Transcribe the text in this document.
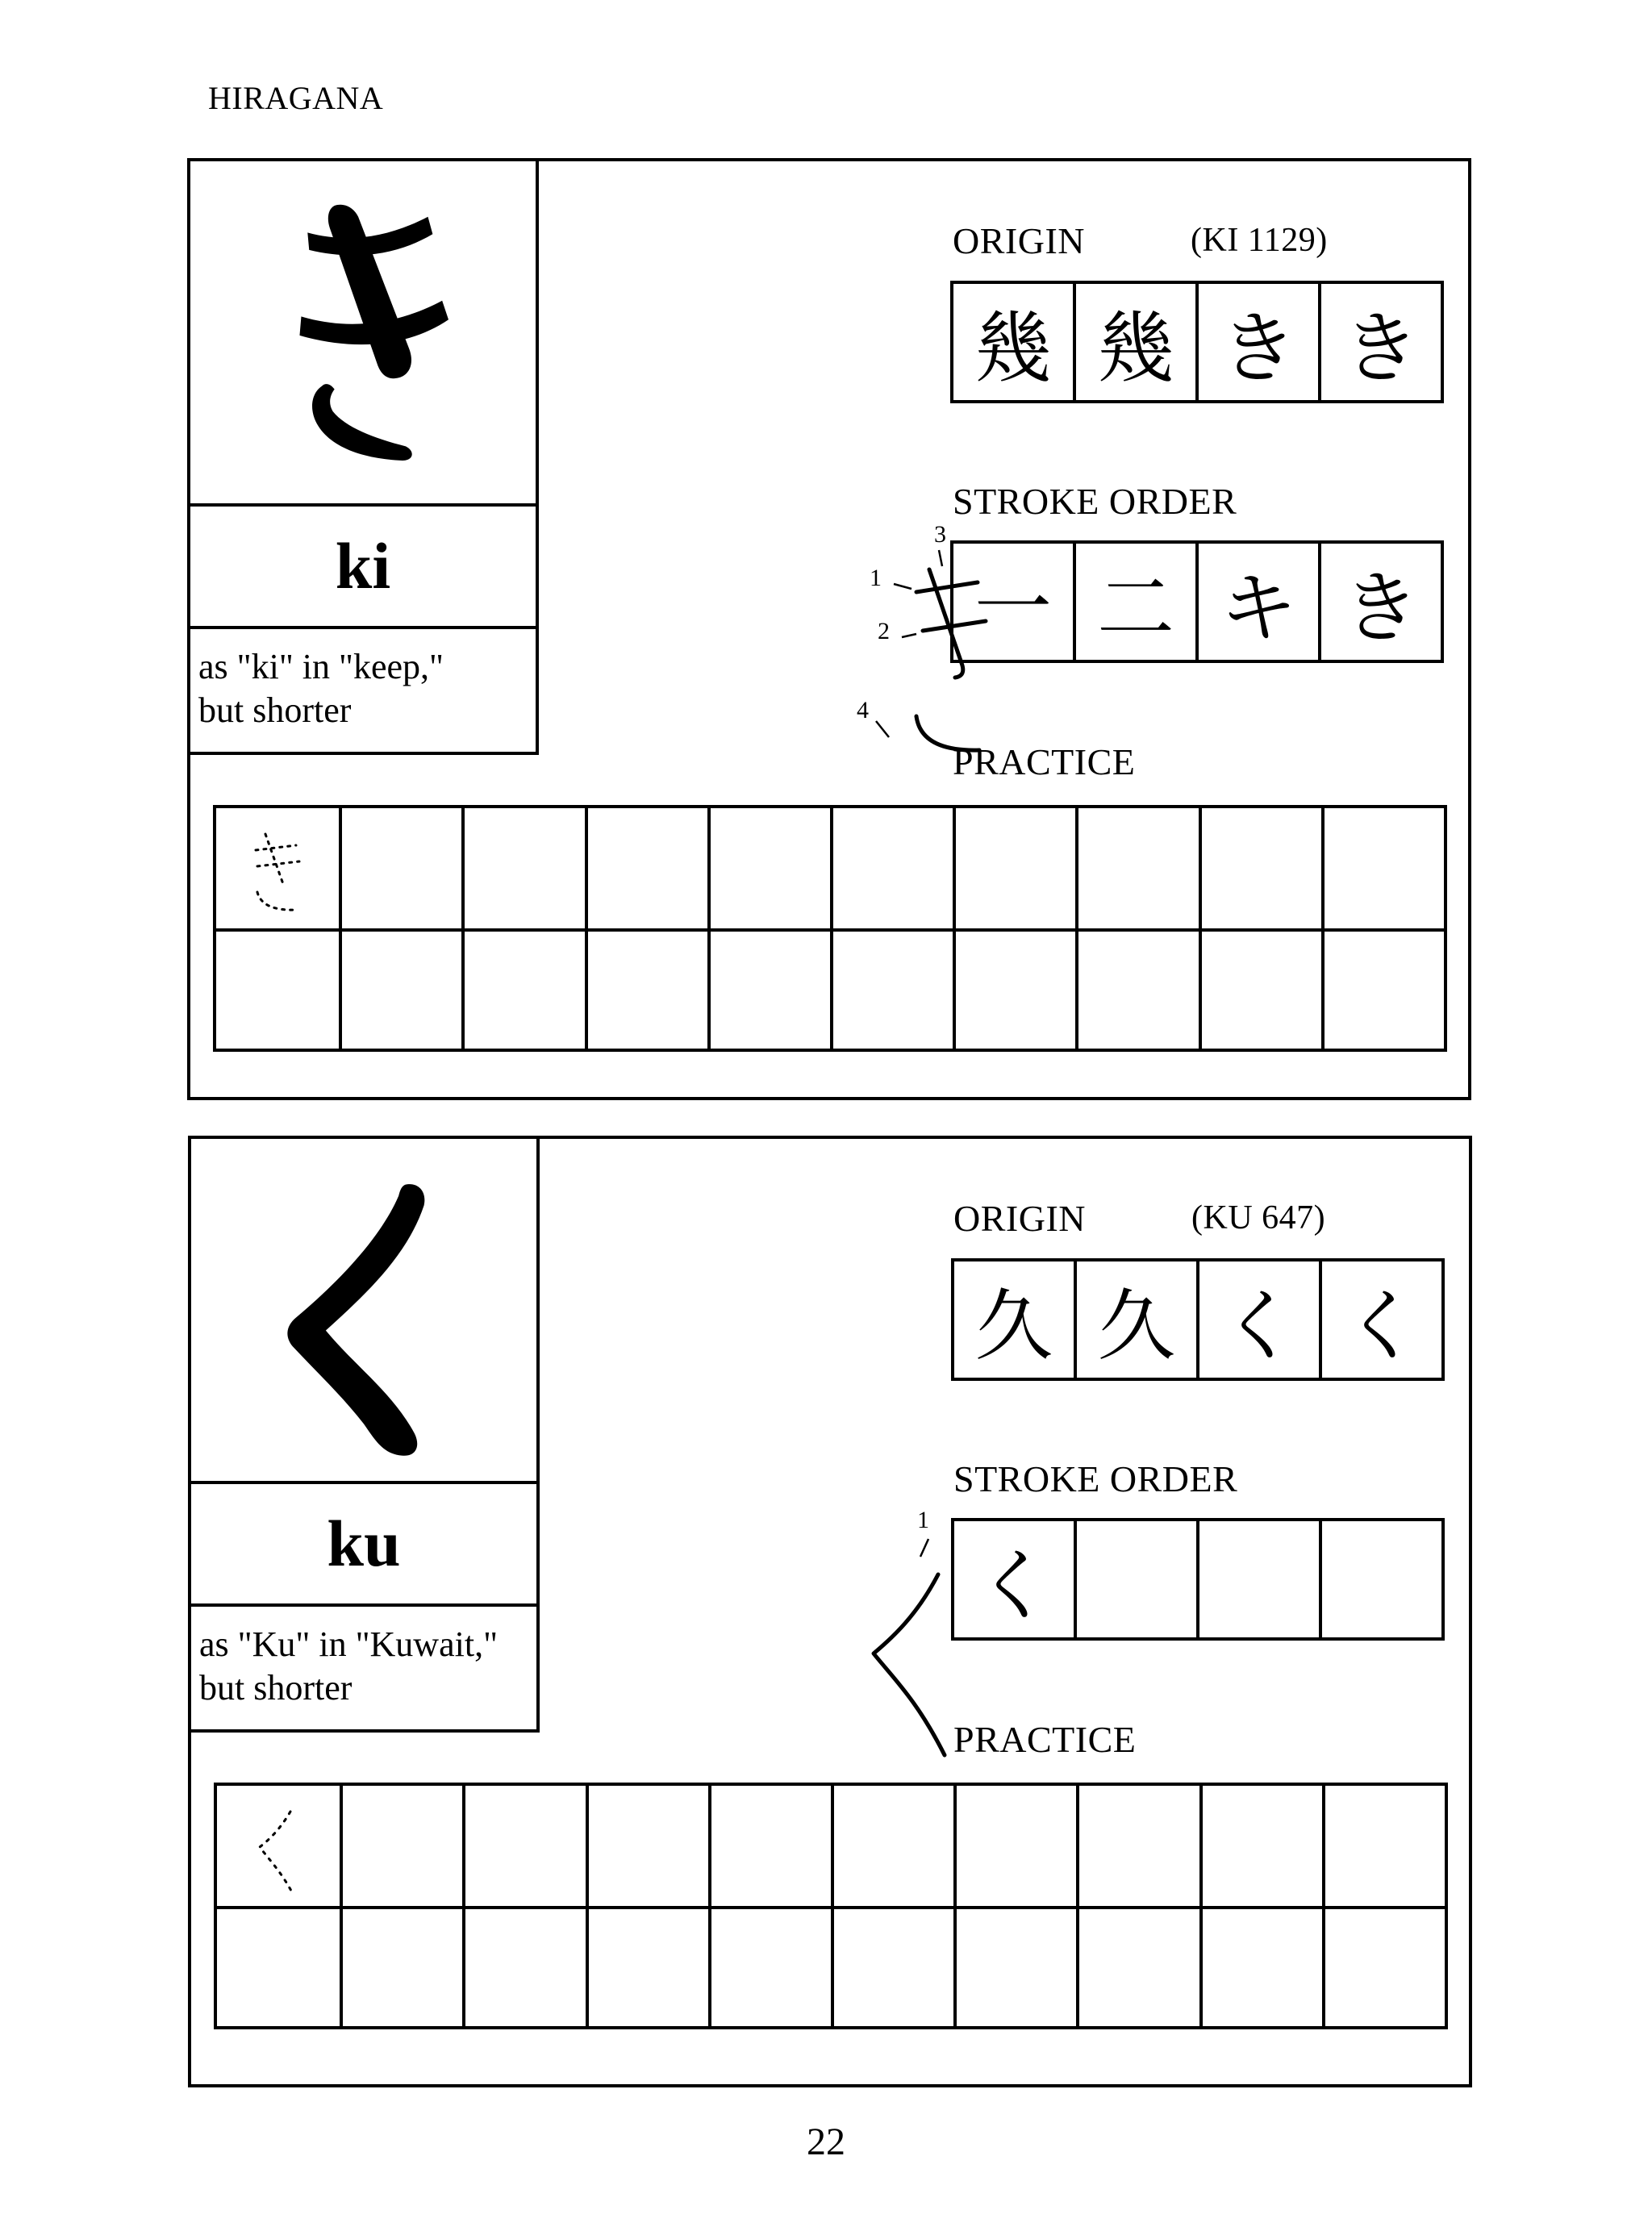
HIRAGANA
ki
as "ki" in "keep,"
but shorter
3
1
2
4
ORIGIN	(KI 1129)
幾 幾 き き
STROKE ORDER
一 二 キ き
PRACTICE
ku
as "Ku" in "Kuwait,"
but shorter
1
ORIGIN	(KU 647)
久 久 く く
STROKE ORDER
く
PRACTICE
22
